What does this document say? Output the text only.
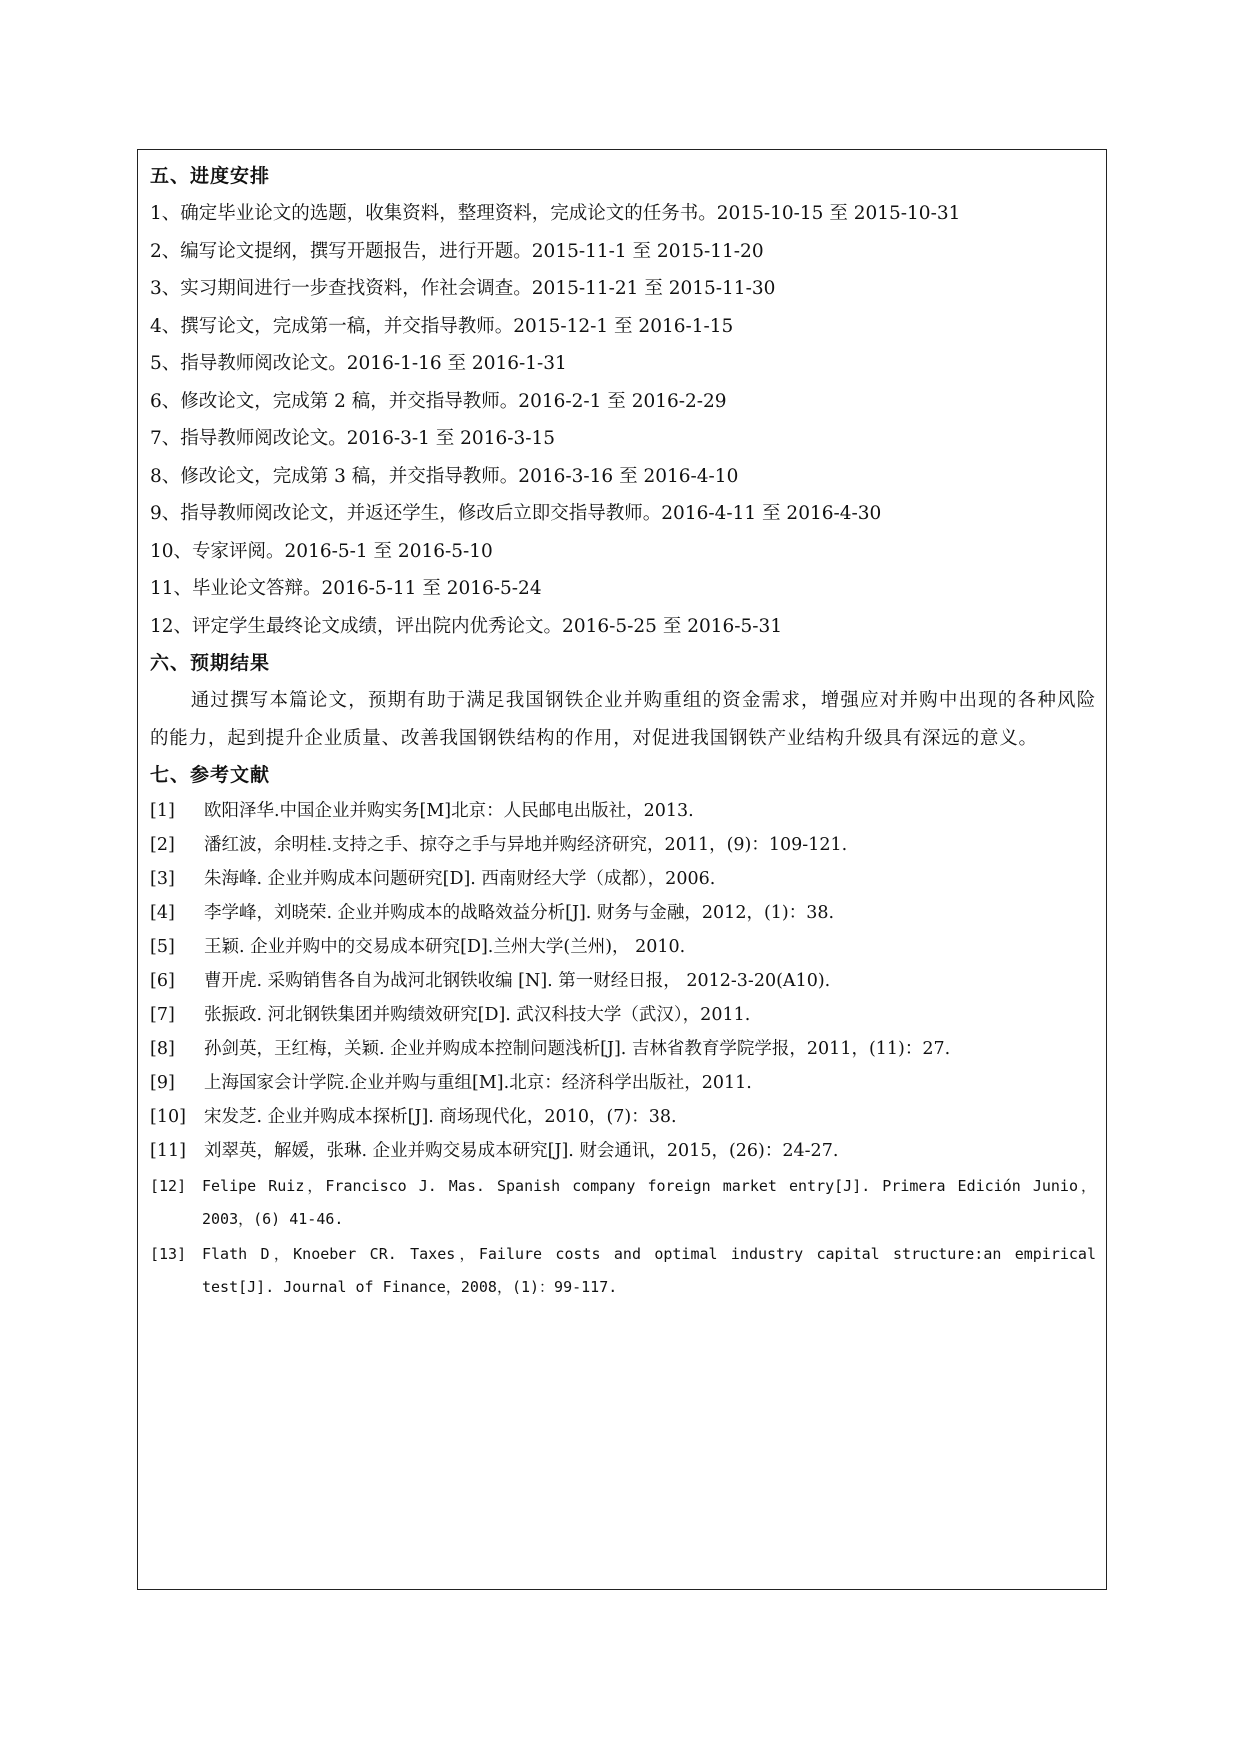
五、进度安排
1、确定毕业论文的选题，收集资料，整理资料，完成论文的任务书。2015-10-15 至 2015-10-31
2、编写论文提纲，撰写开题报告，进行开题。2015-11-1 至 2015-11-20
3、实习期间进行一步查找资料，作社会调查。2015-11-21 至 2015-11-30
4、撰写论文，完成第一稿，并交指导教师。2015-12-1 至 2016-1-15
5、指导教师阅改论文。2016-1-16 至 2016-1-31
6、修改论文，完成第 2 稿，并交指导教师。2016-2-1 至 2016-2-29
7、指导教师阅改论文。2016-3-1 至 2016-3-15
8、修改论文，完成第 3 稿，并交指导教师。2016-3-16 至 2016-4-10
9、指导教师阅改论文，并返还学生，修改后立即交指导教师。2016-4-11 至 2016-4-30
10、专家评阅。2016-5-1 至 2016-5-10
11、毕业论文答辩。2016-5-11 至 2016-5-24
12、评定学生最终论文成绩，评出院内优秀论文。2016-5-25 至 2016-5-31
六、预期结果

通过撰写本篇论文，预期有助于满足我国钢铁企业并购重组的资金需求，增强应对并购中出现的各种风险的能力，起到提升企业质量、改善我国钢铁结构的作用，对促进我国钢铁产业结构升级具有深远的意义。

七、参考文献
[1]	欧阳泽华.中国企业并购实务[M]北京：人民邮电出版社，2013.
[2]	潘红波，余明桂.支持之手、掠夺之手与异地并购经济研究，2011，(9)：109-121.
[3]	朱海峰. 企业并购成本问题研究[D]. 西南财经大学（成都），2006.
[4]	李学峰，刘晓荣. 企业并购成本的战略效益分析[J]. 财务与金融，2012，(1)：38.
[5]	王颖. 企业并购中的交易成本研究[D].兰州大学(兰州)， 2010.
[6]	曹开虎. 采购销售各自为战河北钢铁收编 [N]. 第一财经日报， 2012-3-20(A10).
[7]	张振政. 河北钢铁集团并购绩效研究[D]. 武汉科技大学（武汉），2011.
[8]	孙剑英，王红梅，关颖. 企业并购成本控制问题浅析[J]. 吉林省教育学院学报，2011，(11)：27.
[9]	上海国家会计学院.企业并购与重组[M].北京：经济科学出版社，2011.
[10]	宋发芝. 企业并购成本探析[J]. 商场现代化，2010，(7)：38.
[11]	刘翠英，解媛，张琳. 企业并购交易成本研究[J]. 财会通讯，2015，(26)：24-27.
[12] Felipe Ruiz，Francisco J. Mas. Spanish company foreign market entry[J]. Primera Edición Junio，2003，(6) 41-46.
[13] Flath D，Knoeber CR. Taxes，Failure costs and optimal industry capital structure:an empirical test[J]. Journal of Finance，2008，(1)：99-117.
